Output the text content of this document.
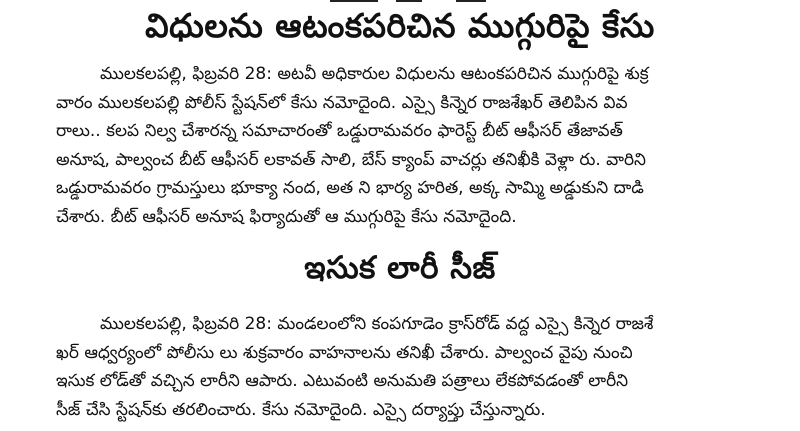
విధులను ఆటంకపరిచిన ముగ్గురిపై కేసు
ములకలపల్లి, ఫిబ్రవరి 28: అటవీ అధికారుల విధులను ఆటంకపరిచిన ముగ్గురిపై శుక్ర
వారం ములకలపల్లి పోలీస్ స్టేషన్‌లో కేసు నమోదైంది. ఎస్సై కిన్నెర రాజశేఖర్ తెలిపిన వివ
రాలు.. కలప నిల్వ చేశారన్న సమాచారంతో ఒడ్డురామవరం ఫారెస్ట్ బీట్ ఆఫీసర్ తేజావత్
అనూష, పాల్వంచ బీట్ ఆఫీసర్ లకావత్ సాలి, బేస్ క్యాంప్ వాచర్లు తనిఖీకి వెళ్లా రు. వారిని
ఒడ్డురామవరం గ్రామస్తులు భూక్యా నంద, అత ని భార్య హరిత, అక్క సామ్మి అడ్డుకుని దాడి
చేశారు. బీట్ ఆఫీసర్ అనూష ఫిర్యాదుతో ఆ ముగ్గురిపై కేసు నమోదైంది.
ఇసుక లారీ సీజ్
ములకలపల్లి, ఫిబ్రవరి 28: మండలంలోని కంపగూడెం క్రాస్‌రోడ్ వద్ద ఎస్సై కిన్నెర రాజశే
ఖర్ ఆధ్వర్యంలో పోలీసు లు శుక్రవారం వాహనాలను తనిఖీ చేశారు. పాల్వంచ వైపు నుంచి
ఇసుక లోడ్‌తో వచ్చిన లారీని ఆపారు. ఎటువంటి అనుమతి పత్రాలు లేకపోవడంతో లారీని
సీజ్ చేసి స్టేషన్‌కు తరలించారు. కేసు నమోదైంది. ఎస్సై దర్యాప్తు చేస్తున్నారు.
